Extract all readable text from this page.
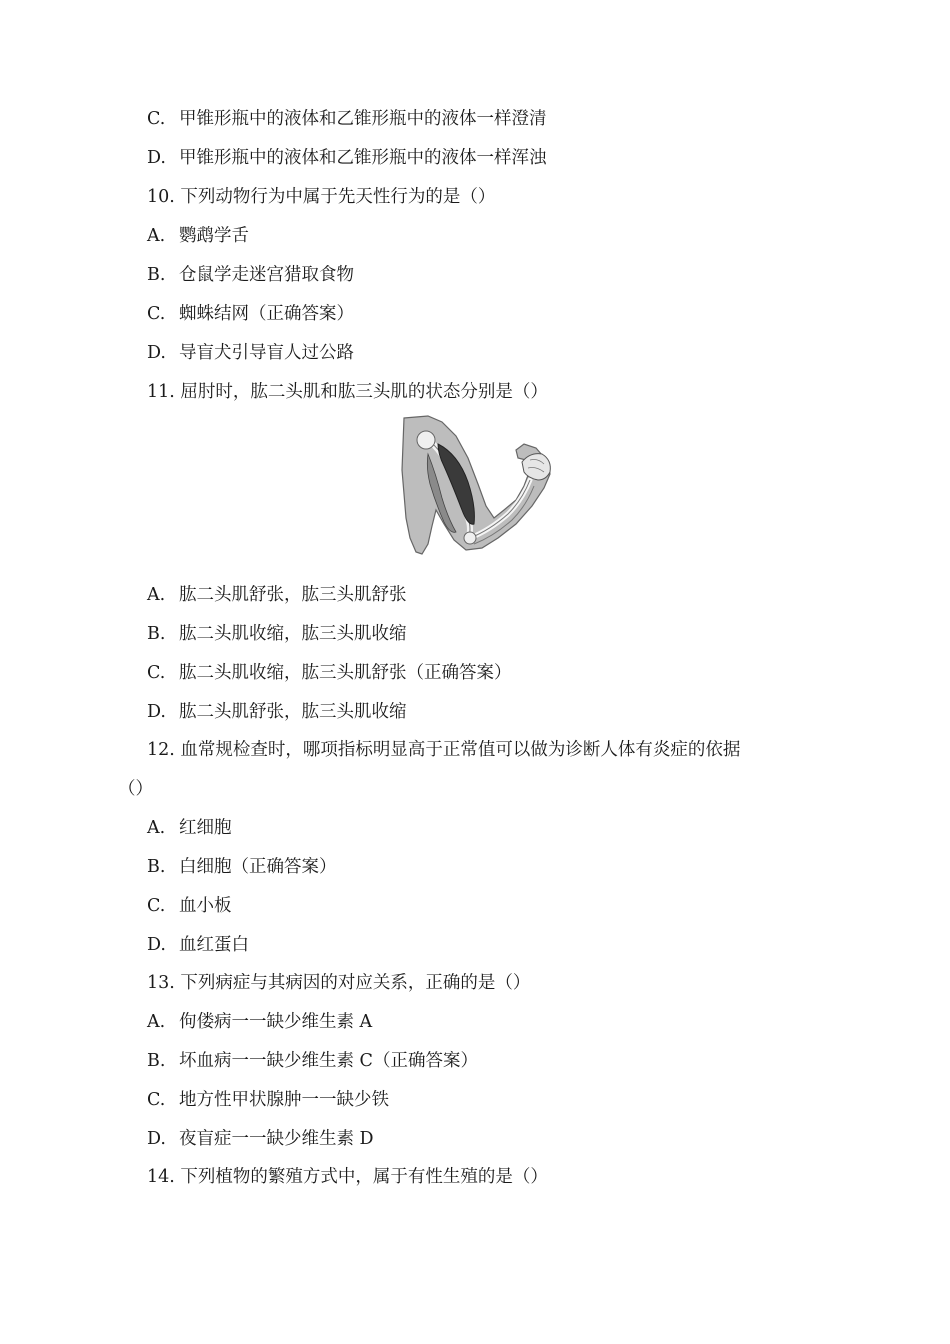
C. 甲锥形瓶中的液体和乙锥形瓶中的液体一样澄清
D. 甲锥形瓶中的液体和乙锥形瓶中的液体一样浑浊
10. 下列动物行为中属于先天性行为的是（）
A. 鹦鹉学舌
B. 仓鼠学走迷宫猎取食物
C. 蜘蛛结网（正确答案）
D. 导盲犬引导盲人过公路
11. 屈肘时，肱二头肌和肱三头肌的状态分别是（）
A. 肱二头肌舒张，肱三头肌舒张
B. 肱二头肌收缩，肱三头肌收缩
C. 肱二头肌收缩，肱三头肌舒张（正确答案）
D. 肱二头肌舒张，肱三头肌收缩
12. 血常规检查时，哪项指标明显高于正常值可以做为诊断人体有炎症的依据
（）
A. 红细胞
B. 白细胞（正确答案）
C. 血小板
D. 血红蛋白
13. 下列病症与其病因的对应关系，正确的是（）
A. 佝偻病一一缺少维生素 A
B. 坏血病一一缺少维生素 C（正确答案）
C. 地方性甲状腺肿一一缺少铁
D. 夜盲症一一缺少维生素 D
14. 下列植物的繁殖方式中，属于有性生殖的是（）
